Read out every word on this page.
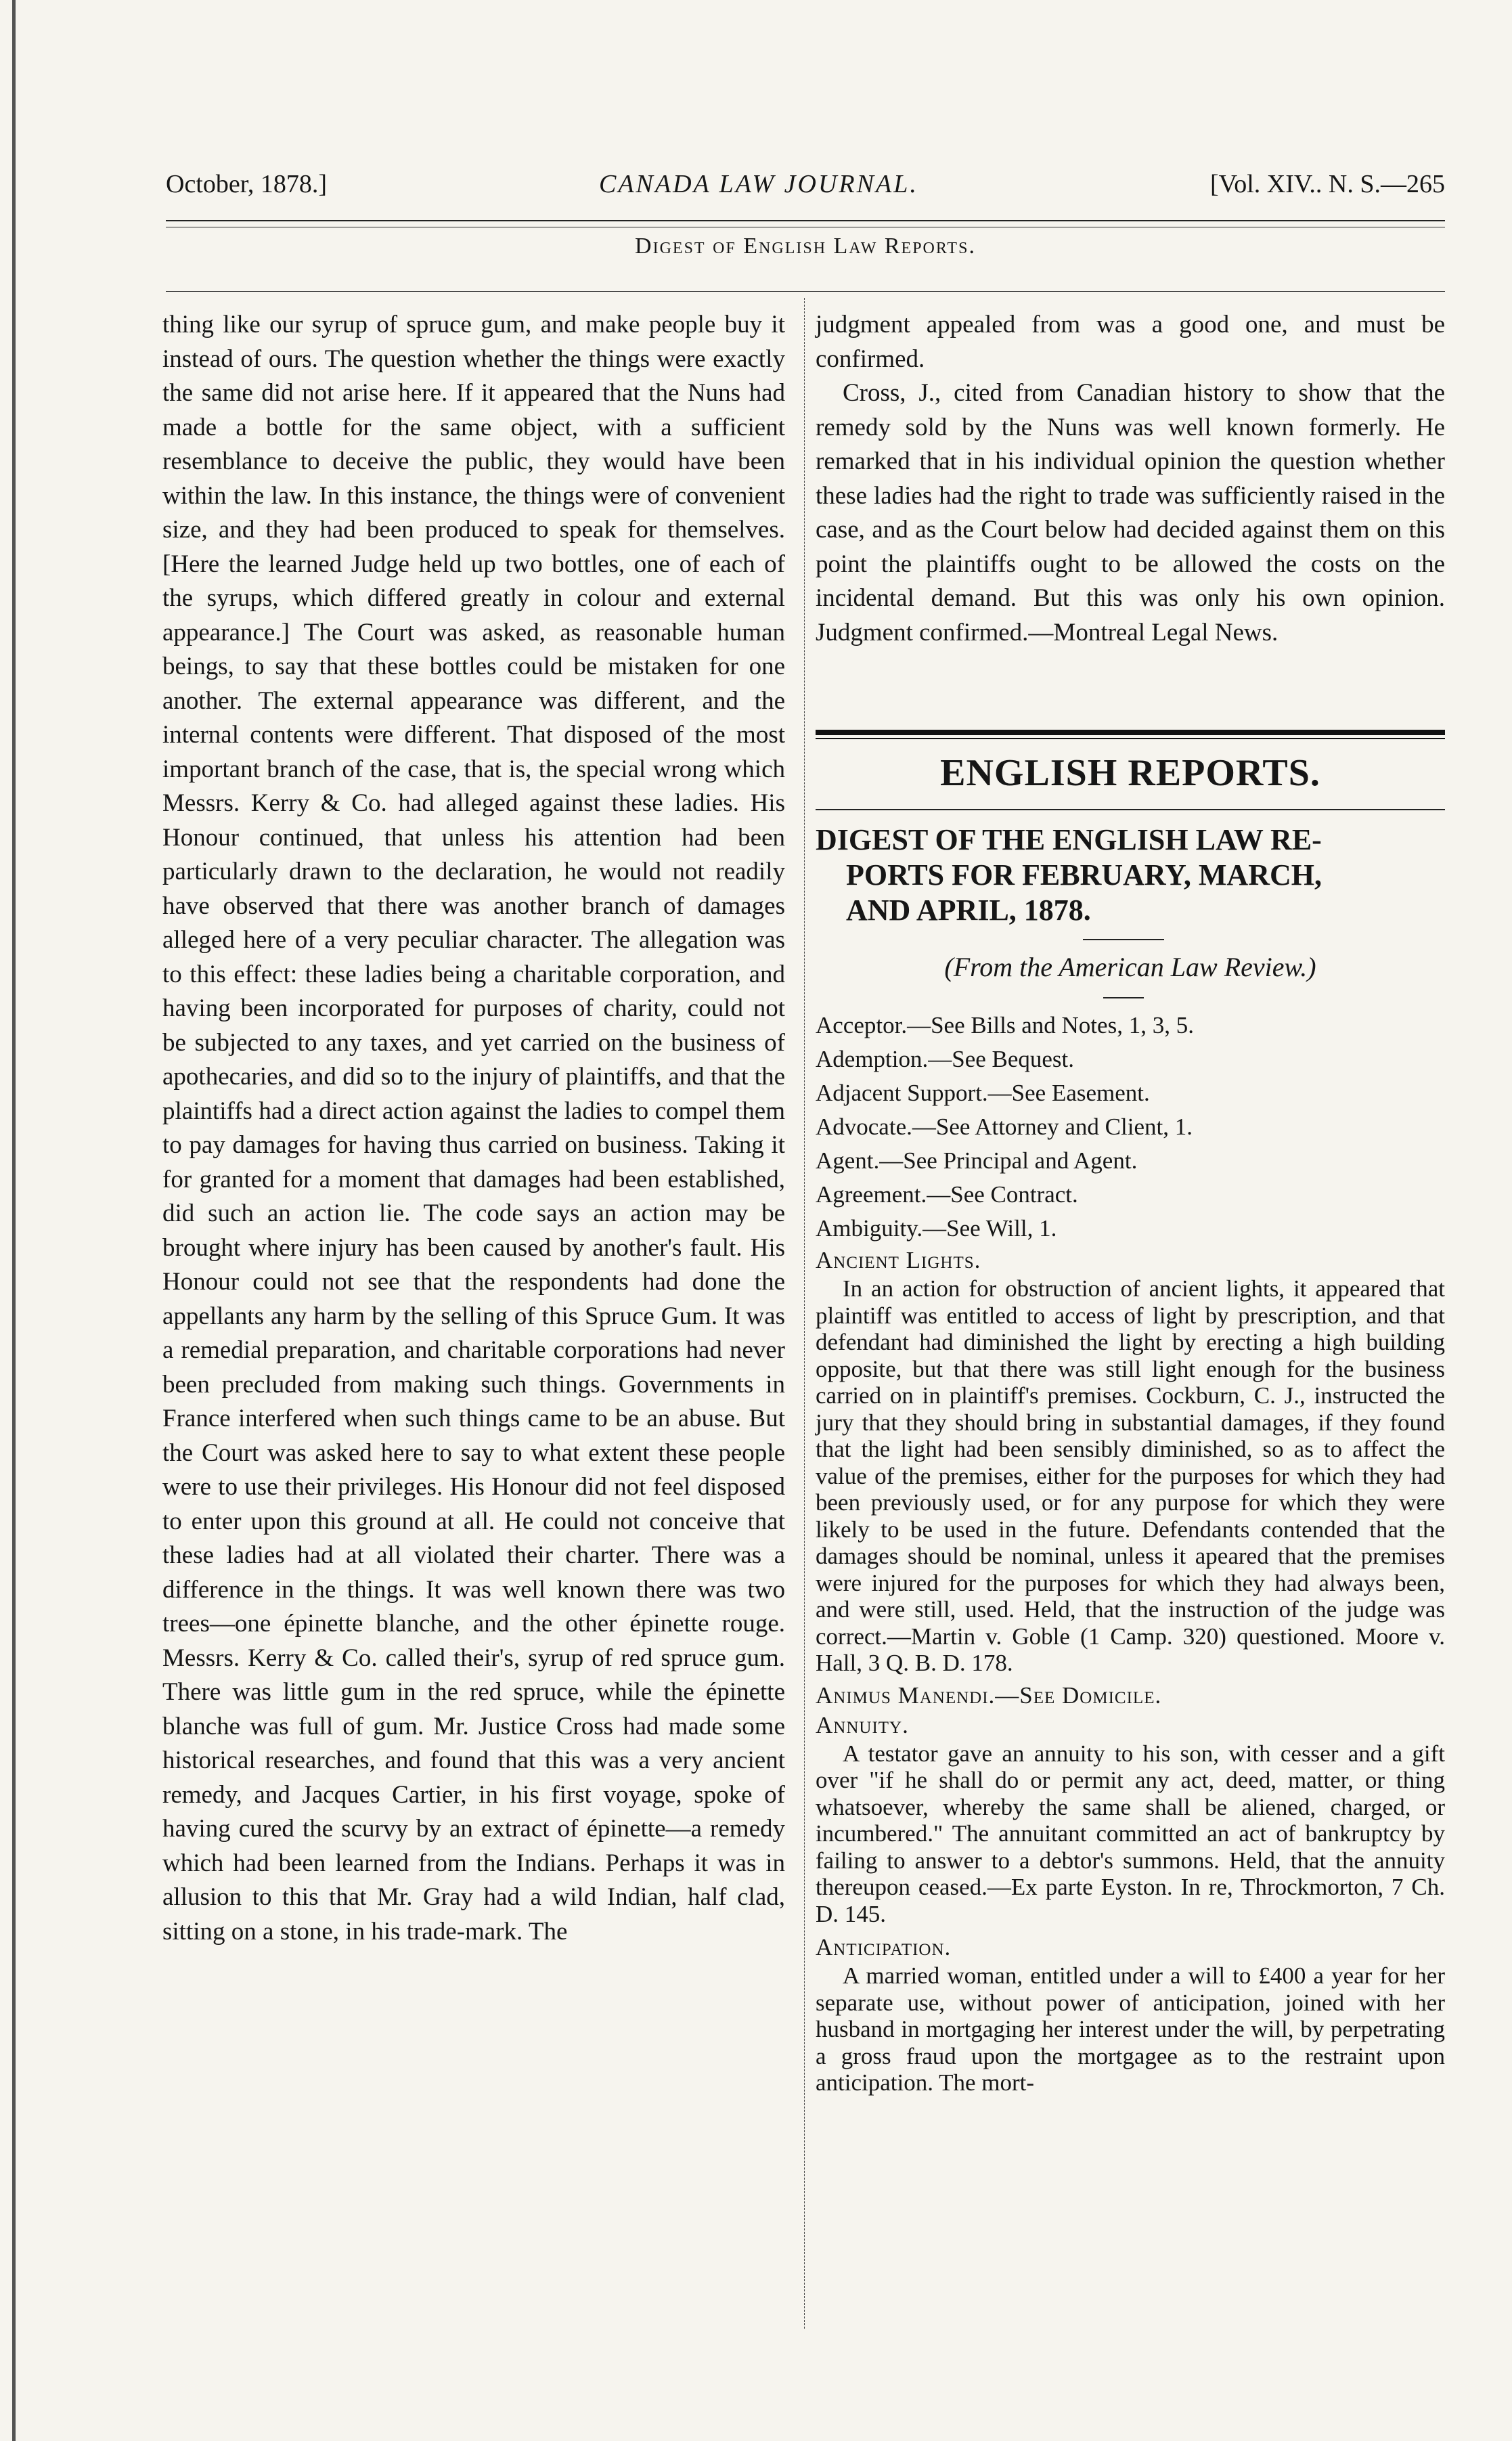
October, 1878.]	CANADA LAW JOURNAL.	[Vol. XIV.. N. S.—265
Digest of English Law Reports.

thing like our syrup of spruce gum, and make people buy it instead of ours. The question whether the things were exactly the same did not arise here. If it appeared that the Nuns had made a bottle for the same object, with a sufficient resemblance to deceive the public, they would have been within the law. In this instance, the things were of convenient size, and they had been produced to speak for themselves. [Here the learned Judge held up two bottles, one of each of the syrups, which differed greatly in colour and external appearance.] The Court was asked, as reasonable human beings, to say that these bottles could be mistaken for one another. The external appearance was different, and the internal contents were different. That disposed of the most important branch of the case, that is, the special wrong which Messrs. Kerry & Co. had alleged against these ladies. His Honour continued, that unless his attention had been particularly drawn to the declaration, he would not readily have observed that there was another branch of damages alleged here of a very peculiar character. The allegation was to this effect: these ladies being a charitable corporation, and having been incorporated for purposes of charity, could not be subjected to any taxes, and yet carried on the business of apothecaries, and did so to the injury of plaintiffs, and that the plaintiffs had a direct action against the ladies to compel them to pay damages for having thus carried on business. Taking it for granted for a moment that damages had been established, did such an action lie. The code says an action may be brought where injury has been caused by another's fault. His Honour could not see that the respondents had done the appellants any harm by the selling of this Spruce Gum. It was a remedial preparation, and charitable corporations had never been precluded from making such things. Governments in France interfered when such things came to be an abuse. But the Court was asked here to say to what extent these people were to use their privileges. His Honour did not feel disposed to enter upon this ground at all. He could not conceive that these ladies had at all violated their charter. There was a difference in the things. It was well known there was two trees—one épinette blanche, and the other épinette rouge. Messrs. Kerry & Co. called their's, syrup of red spruce gum. There was little gum in the red spruce, while the épinette blanche was full of gum. Mr. Justice Cross had made some historical researches, and found that this was a very ancient remedy, and Jacques Cartier, in his first voyage, spoke of having cured the scurvy by an extract of épinette—a remedy which had been learned from the Indians. Perhaps it was in allusion to this that Mr. Gray had a wild Indian, half clad, sitting on a stone, in his trade-mark. The

judgment appealed from was a good one, and must be confirmed.

Cross, J., cited from Canadian history to show that the remedy sold by the Nuns was well known formerly. He remarked that in his individual opinion the question whether these ladies had the right to trade was sufficiently raised in the case, and as the Court below had decided against them on this point the plaintiffs ought to be allowed the costs on the incidental demand. But this was only his own opinion. Judgment confirmed.—Montreal Legal News.

ENGLISH REPORTS.
DIGEST OF THE ENGLISH LAW RE-
PORTS FOR FEBRUARY, MARCH,
AND APRIL, 1878.
(From the American Law Review.)
Acceptor.—See Bills and Notes, 1, 3, 5.
Ademption.—See Bequest.
Adjacent Support.—See Easement.
Advocate.—See Attorney and Client, 1.
Agent.—See Principal and Agent.
Agreement.—See Contract.
Ambiguity.—See Will, 1.
Ancient Lights.

In an action for obstruction of ancient lights, it appeared that plaintiff was entitled to access of light by prescription, and that defendant had diminished the light by erecting a high building opposite, but that there was still light enough for the business carried on in plaintiff's premises. Cockburn, C. J., instructed the jury that they should bring in substantial damages, if they found that the light had been sensibly diminished, so as to affect the value of the premises, either for the purposes for which they had been previously used, or for any purpose for which they were likely to be used in the future. Defendants contended that the damages should be nominal, unless it apeared that the premises were injured for the purposes for which they had always been, and were still, used. Held, that the instruction of the judge was correct.—Martin v. Goble (1 Camp. 320) questioned. Moore v. Hall, 3 Q. B. D. 178.

Animus Manendi.—See Domicile.
Annuity.

A testator gave an annuity to his son, with cesser and a gift over "if he shall do or permit any act, deed, matter, or thing whatsoever, whereby the same shall be aliened, charged, or incumbered." The annuitant committed an act of bankruptcy by failing to answer to a debtor's summons. Held, that the annuity thereupon ceased.—Ex parte Eyston. In re, Throckmorton, 7 Ch. D. 145.

Anticipation.

A married woman, entitled under a will to £400 a year for her separate use, without power of anticipation, joined with her husband in mortgaging her interest under the will, by perpetrating a gross fraud upon the mortgagee as to the restraint upon anticipation. The mort-
